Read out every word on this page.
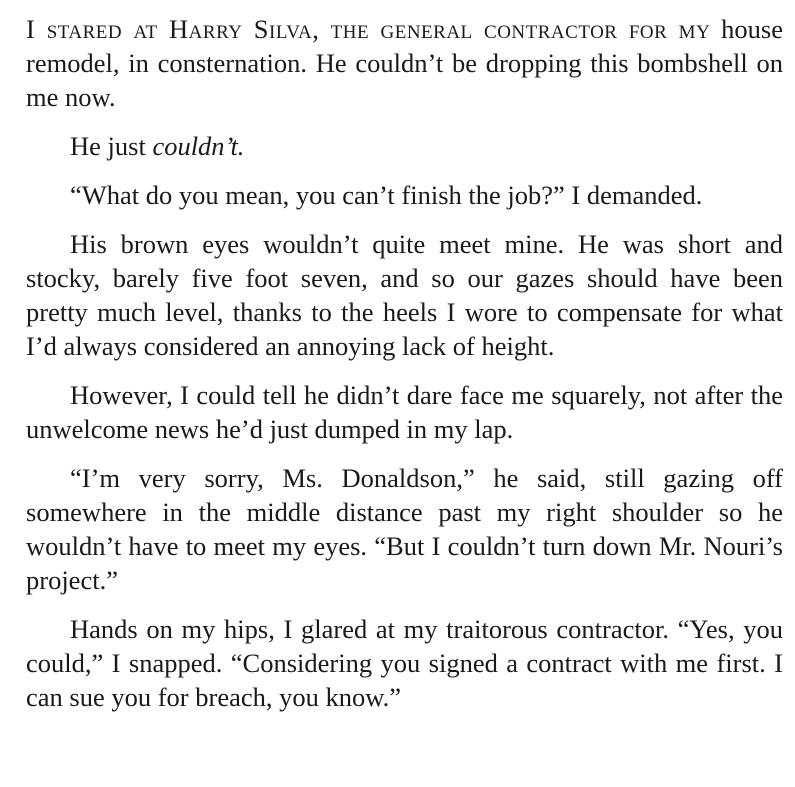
I stared at Harry Silva, the general contractor for my house remodel, in consternation. He couldn’t be dropping this bombshell on me now.

He just couldn’t.

“What do you mean, you can’t finish the job?” I demanded.

His brown eyes wouldn’t quite meet mine. He was short and stocky, barely five foot seven, and so our gazes should have been pretty much level, thanks to the heels I wore to compensate for what I’d always considered an annoying lack of height.

However, I could tell he didn’t dare face me squarely, not after the unwelcome news he’d just dumped in my lap.

“I’m very sorry, Ms. Donaldson,” he said, still gazing off somewhere in the middle distance past my right shoulder so he wouldn’t have to meet my eyes. “But I couldn’t turn down Mr. Nouri’s project.”

Hands on my hips, I glared at my traitorous contractor. “Yes, you could,” I snapped. “Considering you signed a contract with me first. I can sue you for breach, you know.”
